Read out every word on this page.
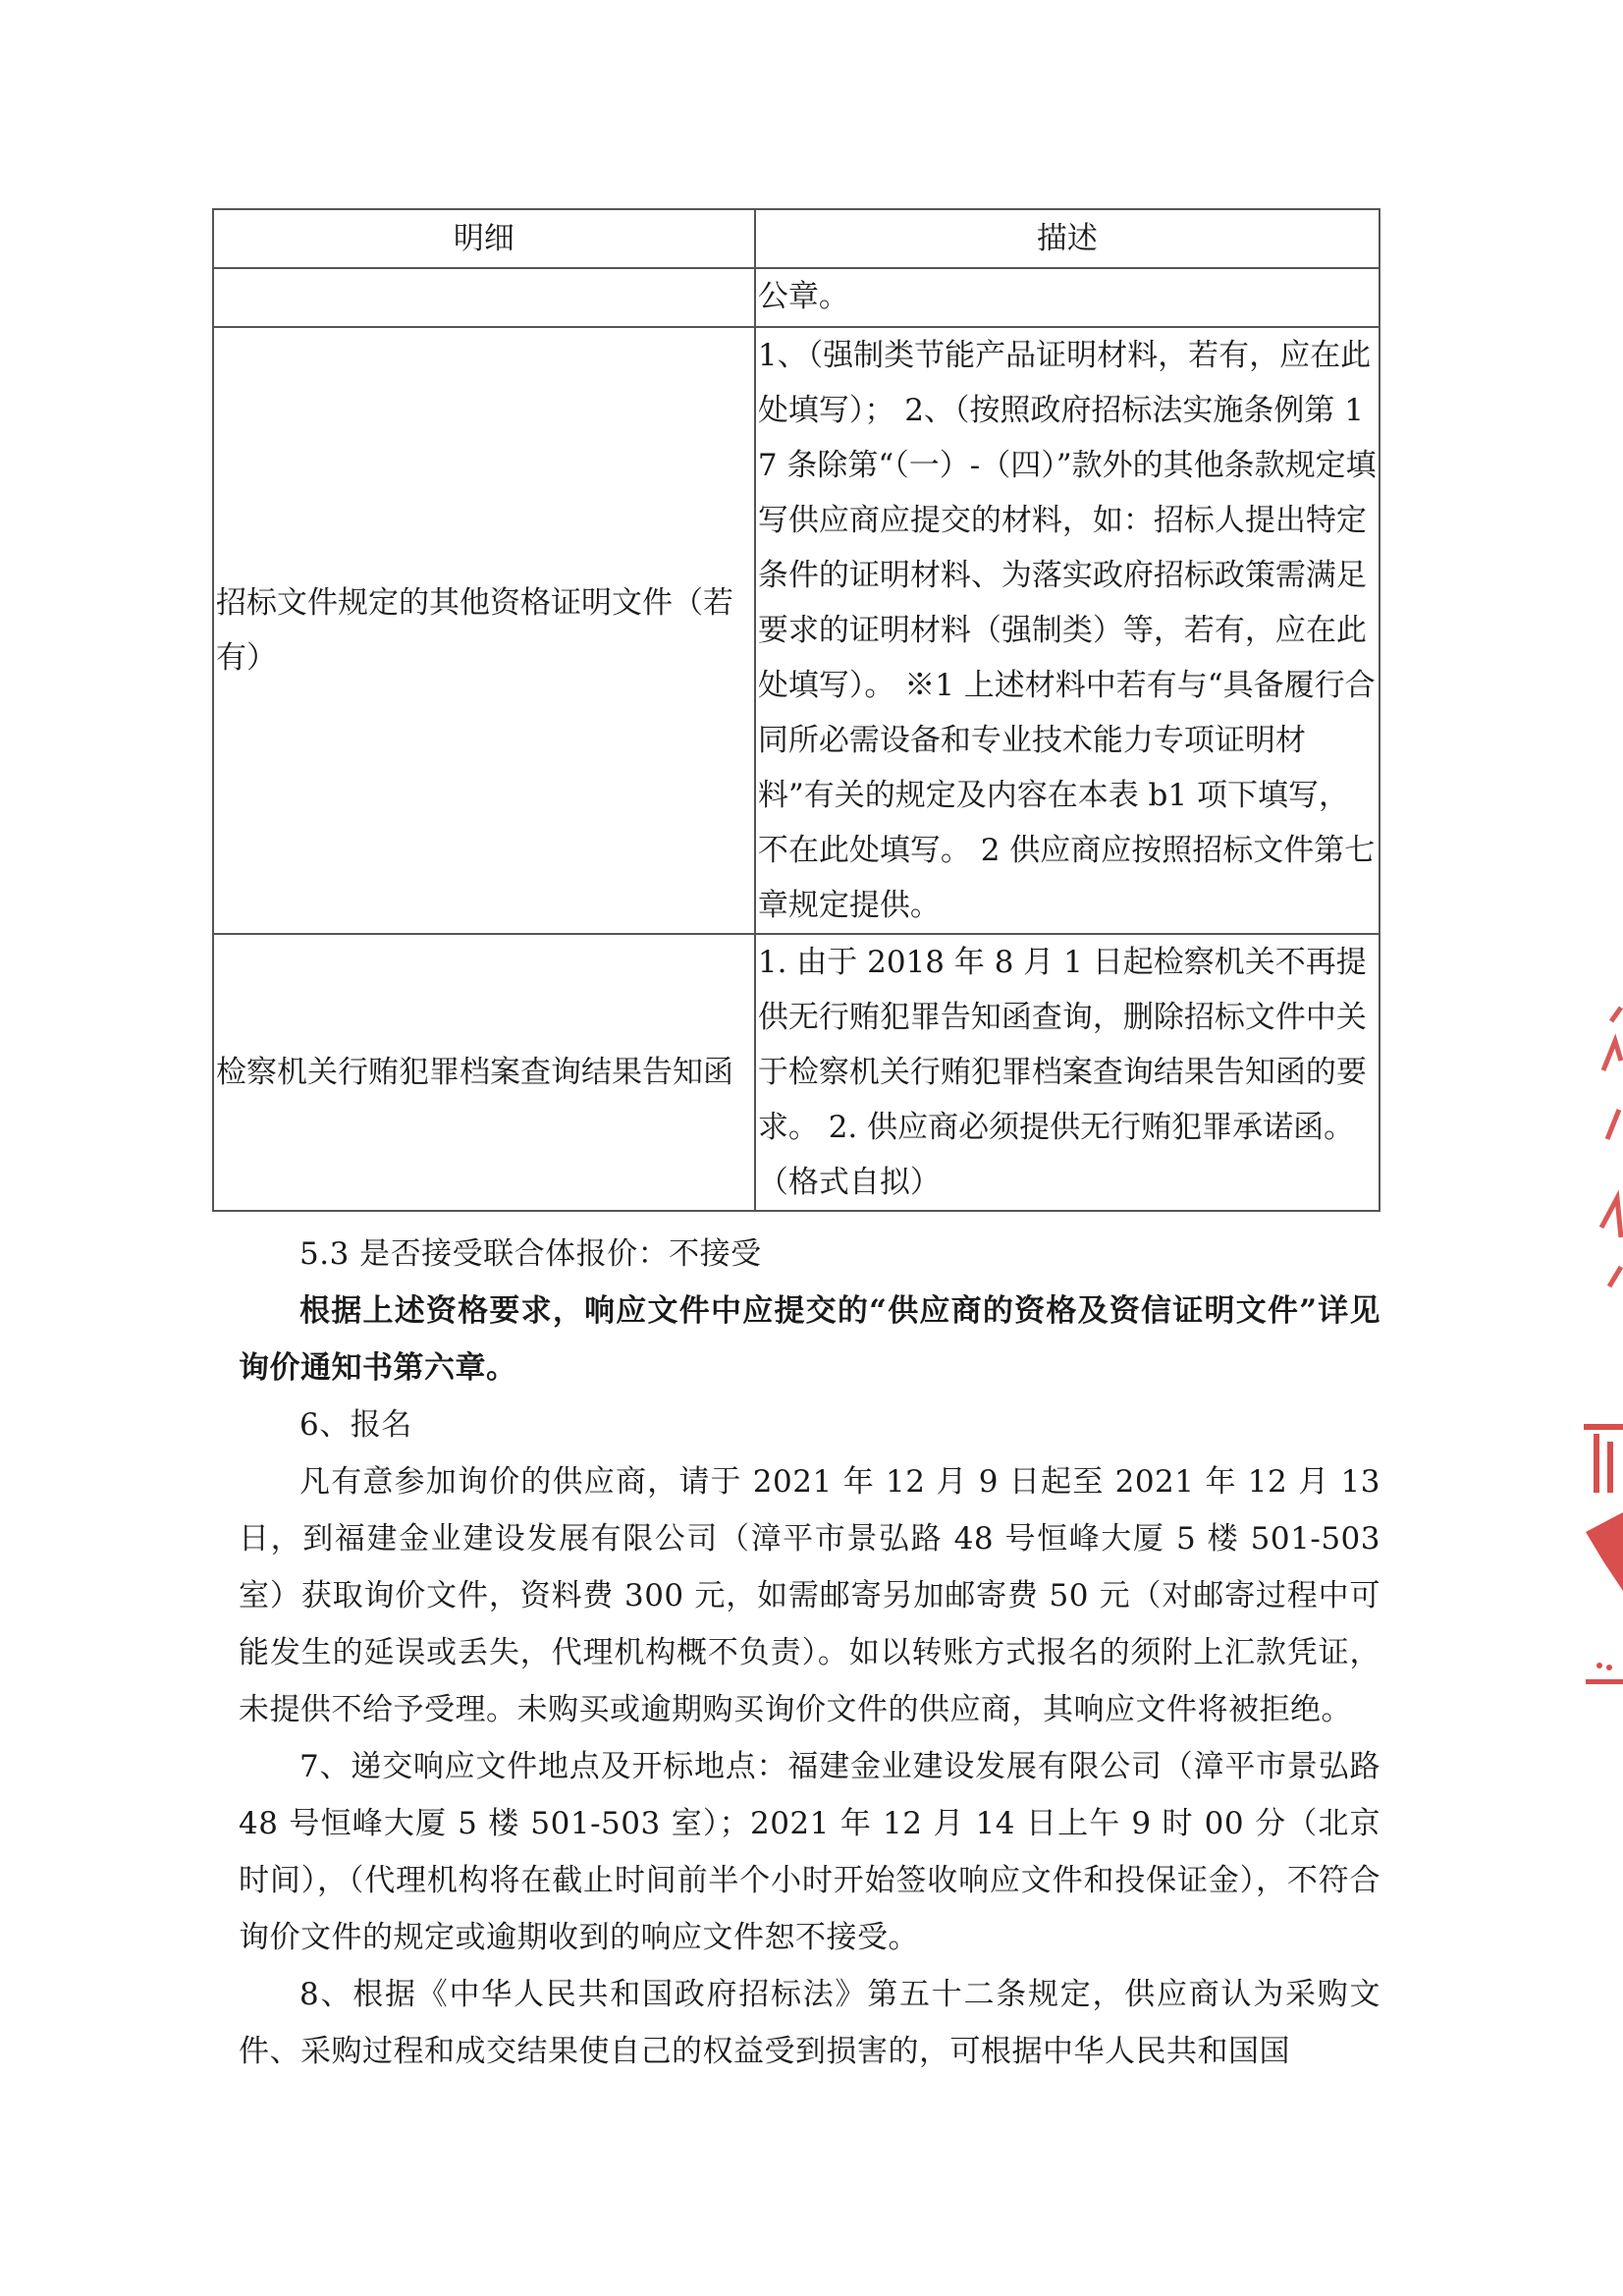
明细	描述
	公章。
招标文件规定的其他资格证明文件（若有）	1、（强制类节能产品证明材料，若有，应在此处填写）； 2、（按照政府招标法实施条例第 17 条除第“（一）-（四）”款外的其他条款规定填写供应商应提交的材料，如：招标人提出特定条件的证明材料、为落实政府招标政策需满足要求的证明材料（强制类）等，若有，应在此处填写）。 ※1 上述材料中若有与“具备履行合同所必需设备和专业技术能力专项证明材料”有关的规定及内容在本表 b1 项下填写，不在此处填写。 2 供应商应按照招标文件第七章规定提供。
检察机关行贿犯罪档案查询结果告知函	1. 由于 2018 年 8 月 1 日起检察机关不再提供无行贿犯罪告知函查询，删除招标文件中关于检察机关行贿犯罪档案查询结果告知函的要求。 2. 供应商必须提供无行贿犯罪承诺函。（格式自拟）

5.3 是否接受联合体报价：不接受

根据上述资格要求，响应文件中应提交的“供应商的资格及资信证明文件”详见询价通知书第六章。

6、报名

凡有意参加询价的供应商，请于 2021 年 12 月 9 日起至 2021 年 12 月 13 日，到福建金业建设发展有限公司（漳平市景弘路 48 号恒峰大厦 5 楼 501-503 室）获取询价文件，资料费 300 元，如需邮寄另加邮寄费 50 元（对邮寄过程中可能发生的延误或丢失，代理机构概不负责）。如以转账方式报名的须附上汇款凭证，未提供不给予受理。未购买或逾期购买询价文件的供应商，其响应文件将被拒绝。

7、递交响应文件地点及开标地点：福建金业建设发展有限公司（漳平市景弘路 48 号恒峰大厦 5 楼 501-503 室）；2021 年 12 月 14 日上午 9 时 00 分（北京时间），（代理机构将在截止时间前半个小时开始签收响应文件和投保证金），不符合询价文件的规定或逾期收到的响应文件恕不接受。

8、根据《中华人民共和国政府招标法》第五十二条规定，供应商认为采购文件、采购过程和成交结果使自己的权益受到损害的，可根据中华人民共和国国
